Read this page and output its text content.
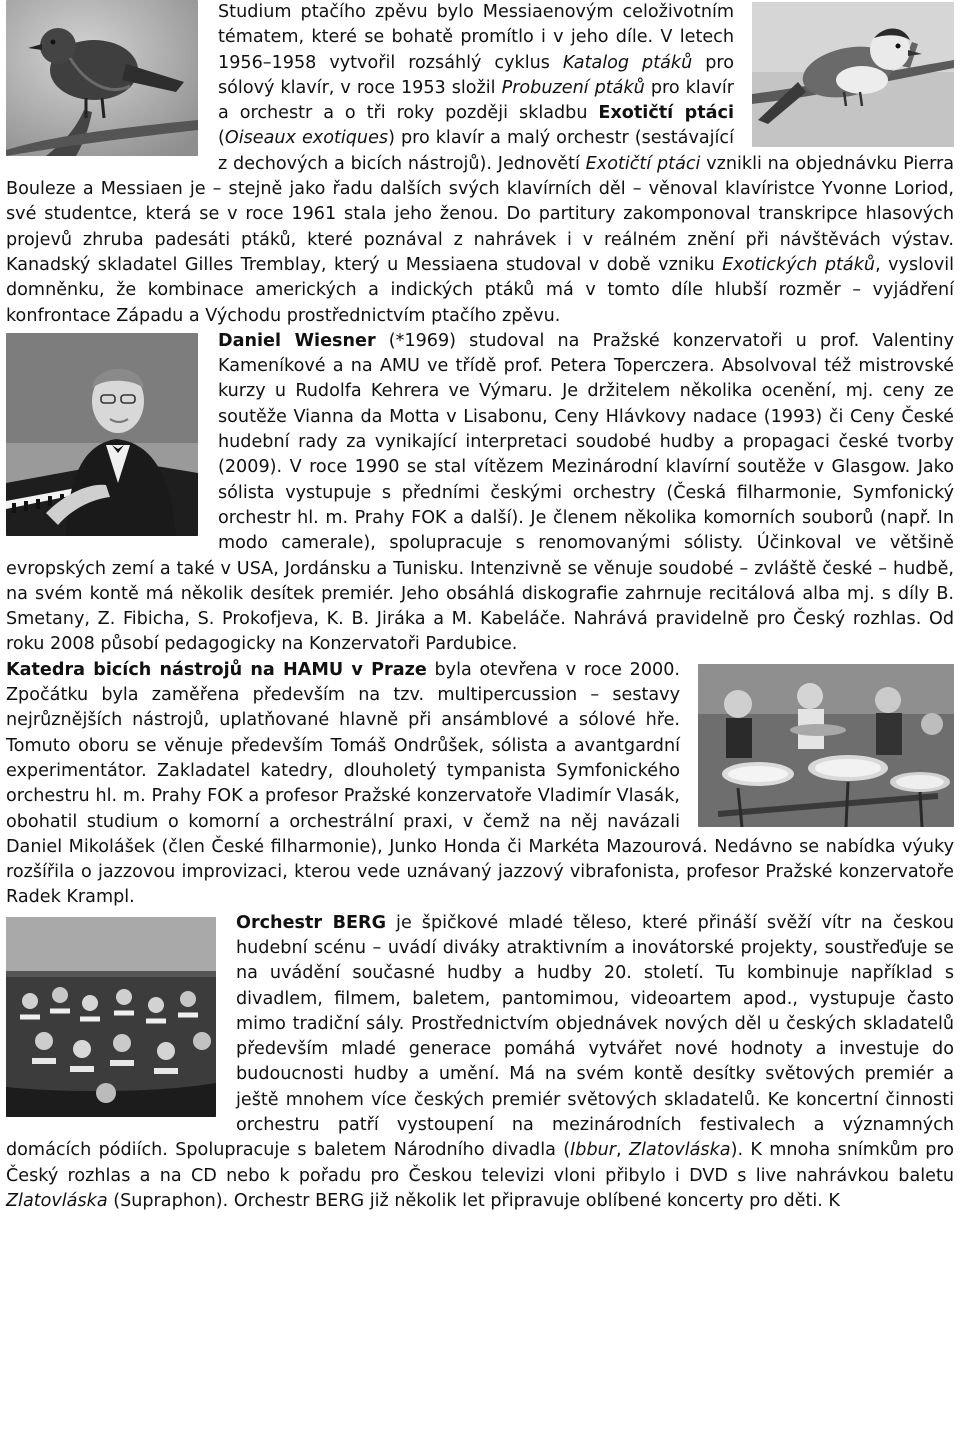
Studium ptačího zpěvu bylo Messiaenovým celoživotním tématem, které se bohatě promítlo i v jeho díle. V letech 1956–1958 vytvořil rozsáhlý cyklus Katalog ptáků pro sólový klavír, v roce 1953 složil Probuzení ptáků pro klavír a orchestr a o tři roky později skladbu Exotičtí ptáci (Oiseaux exotiques) pro klavír a malý orchestr (sestávající z dechových a bicích nástrojů). Jednovětí Exotičtí ptáci vznikli na objednávku Pierra Bouleze a Messiaen je – stejně jako řadu dalších svých klavírních děl – věnoval klavíristce Yvonne Loriod, své studentce, která se v roce 1961 stala jeho ženou. Do partitury zakomponoval transkripce hlasových projevů zhruba padesáti ptáků, které poznával z nahrávek i v reálném znění při návštěvách výstav. Kanadský skladatel Gilles Tremblay, který u Messiaena studoval v době vzniku Exotických ptáků, vyslovil domněnku, že kombinace amerických a indických ptáků má v tomto díle hlubší rozměr – vyjádření konfrontace Západu a Východu prostřednictvím ptačího zpěvu.

Daniel Wiesner (*1969) studoval na Pražské konzervatoři u prof. Valentiny Kameníkové a na AMU ve třídě prof. Petera Toperczera. Absolvoval též mistrovské kurzy u Rudolfa Kehrera ve Výmaru. Je držitelem několika ocenění, mj. ceny ze soutěže Vianna da Motta v Lisabonu, Ceny Hlávkovy nadace (1993) či Ceny České hudební rady za vynikající interpretaci soudobé hudby a propagaci české tvorby (2009). V roce 1990 se stal vítězem Mezinárodní klavírní soutěže v Glasgow. Jako sólista vystupuje s předními českými orchestry (Česká filharmonie, Symfonický orchestr hl. m. Prahy FOK a další). Je členem několika komorních souborů (např. In modo camerale), spolupracuje s renomovanými sólisty. Účinkoval ve většině evropských zemí a také v USA, Jordánsku a Tunisku. Intenzivně se věnuje soudobé – zvláště české – hudbě, na svém kontě má několik desítek premiér. Jeho obsáhlá diskografie zahrnuje recitálová alba mj. s díly B. Smetany, Z. Fibicha, S. Prokofjeva, K. B. Jiráka a M. Kabeláče. Nahrává pravidelně pro Český rozhlas. Od roku 2008 působí pedagogicky na Konzervatoři Pardubice.

Katedra bicích nástrojů na HAMU v Praze byla otevřena v roce 2000. Zpočátku byla zaměřena především na tzv. multipercussion – sestavy nejrůznějších nástrojů, uplatňované hlavně při ansámblové a sólové hře. Tomuto oboru se věnuje především Tomáš Ondrůšek, sólista a avantgardní experimentátor. Zakladatel katedry, dlouholetý tympanista Symfonického orchestru hl. m. Prahy FOK a profesor Pražské konzervatoře Vladimír Vlasák, obohatil studium o komorní a orchestrální praxi, v čemž na něj navázali Daniel Mikolášek (člen České filharmonie), Junko Honda či Markéta Mazourová. Nedávno se nabídka výuky rozšířila o jazzovou improvizaci, kterou vede uznávaný jazzový vibrafonista, profesor Pražské konzervatoře Radek Krampl.

Orchestr BERG je špičkové mladé těleso, které přináší svěží vítr na českou hudební scénu – uvádí diváky atraktivním a inovátorské projekty, soustřeďuje se na uvádění současné hudby a hudby 20. století. Tu kombinuje například s divadlem, filmem, baletem, pantomimou, videoartem apod., vystupuje často mimo tradiční sály. Prostřednictvím objednávek nových děl u českých skladatelů především mladé generace pomáhá vytvářet nové hodnoty a investuje do budoucnosti hudby a umění. Má na svém kontě desítky světových premiér a ještě mnohem více českých premiér světových skladatelů. Ke koncertní činnosti orchestru patří vystoupení na mezinárodních festivalech a významných domácích pódiích. Spolupracuje s baletem Národního divadla (Ibbur, Zlatovláska). K mnoha snímkům pro Český rozhlas a na CD nebo k pořadu pro Českou televizi vloni přibylo i DVD s live nahrávkou baletu Zlatovláska (Supraphon). Orchestr BERG již několik let připravuje oblíbené koncerty pro děti. K
